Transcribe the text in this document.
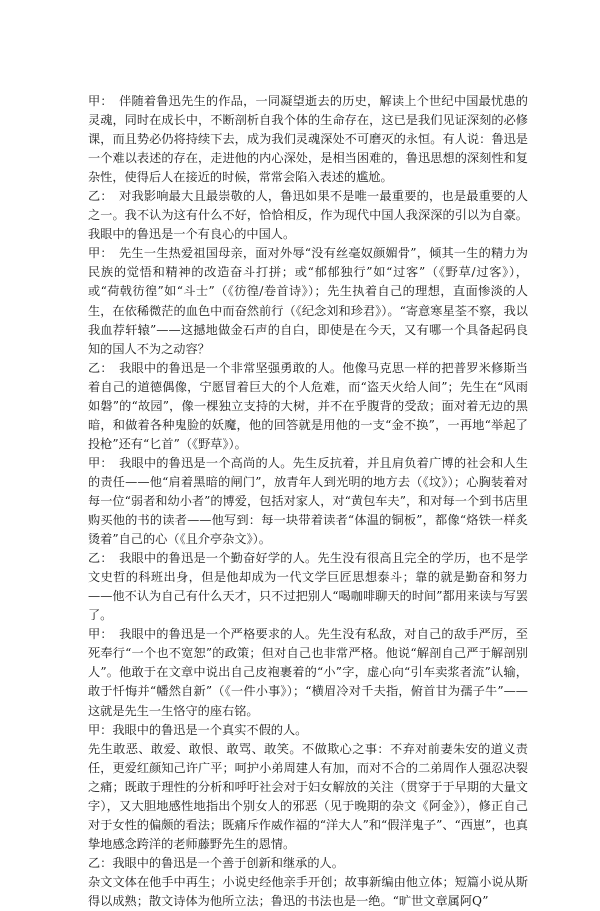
甲：　伴随着鲁迅先生的作品，一同凝望逝去的历史，解读上个世纪中国最忧患的灵魂，同时在成长中，不断剖析自我个体的生命存在，这已是我们见证深刻的必修课，而且势必仍将持续下去，成为我们灵魂深处不可磨灭的永恒。有人说：鲁迅是一个难以表述的存在，走进他的内心深处，是相当困难的，鲁迅思想的深刻性和复杂性，使得后人在接近的时候，常常会陷入表述的尴尬。

乙：　对我影响最大且最崇敬的人，鲁迅如果不是唯一最重要的，也是最重要的人之一。我不认为这有什么不好，恰恰相反，作为现代中国人我深深的引以为自豪。我眼中的鲁迅是一个有良心的中国人。

甲：　先生一生热爱祖国母亲，面对外辱“没有丝毫奴颜媚骨”，倾其一生的精力为民族的觉悟和精神的改造奋斗打拼；或“郁郁独行”如“过客”（《野草/过客》），或“荷戟彷徨”如“斗士”（《彷徨/卷首诗》）；先生执着自己的理想，直面惨淡的人生，在依稀微茫的血色中而奋然前行（《纪念刘和珍君》）。“寄意寒星荃不察，我以我血荐轩辕”——这撼地做金石声的自白，即使是在今天，又有哪一个具备起码良知的国人不为之动容？

乙：　我眼中的鲁迅是一个非常坚强勇敢的人。他像马克思一样的把普罗米修斯当着自己的道德偶像，宁愿冒着巨大的个人危难，而“盗天火给人间”；先生在“风雨如磐”的“故园”，像一棵独立支持的大树，并不在乎腹背的受敌；面对着无边的黑暗，和做着各种鬼脸的妖魔，他的回答就是用他的一支“金不换”，一再地“举起了投枪”还有“匕首”（《野草》）。

甲：　我眼中的鲁迅是一个高尚的人。先生反抗着，并且肩负着广博的社会和人生的责任——他“肩着黑暗的闸门”，放青年人到光明的地方去（《坟》）；心胸装着对每一位“弱者和幼小者”的博爱，包括对家人，对“黄包车夫”，和对每一个到书店里购买他的书的读者——他写到：每一块带着读者“体温的铜板”，都像“烙铁一样炙烫着”自己的心（《且介亭杂文》）。

乙：　我眼中的鲁迅是一个勤奋好学的人。先生没有很高且完全的学历，也不是学文史哲的科班出身，但是他却成为一代文学巨匠思想泰斗；靠的就是勤奋和努力——他不认为自己有什么天才，只不过把别人“喝咖啡聊天的时间”都用来读与写罢了。

甲：　我眼中的鲁迅是一个严格要求的人。先生没有私敌，对自己的敌手严厉，至死奉行“一个也不宽恕”的政策；但对自己也非常严格。他说“解剖自己严于解剖别人”。他敢于在文章中说出自己皮袍裹着的“小”字，虚心向“引车卖浆者流”认输，敢于忏悔并“幡然自新”（《一件小事》）；“横眉冷对千夫指，俯首甘为孺子牛”——这就是先生一生恪守的座右铭。

甲：我眼中的鲁迅是一个真实不假的人。

先生敢恶、敢爱、敢恨、敢骂、敢笑。不做欺心之事：不弃对前妻朱安的道义责任，更爱红颜知己许广平；呵护小弟周建人有加，而对不合的二弟周作人强忍决裂之痛；既敢于理性的分析和呼吁社会对于妇女解放的关注（贯穿于于早期的大量文字），又大胆地感性地指出个别女人的邪恶（见于晚期的杂文《阿金》），修正自己对于女性的偏颇的看法；既痛斥作威作福的“洋大人”和“假洋鬼子”、“西崽”，也真挚地感念跨洋的老师藤野先生的恩情。

乙：我眼中的鲁迅是一个善于创新和继承的人。

杂文文体在他手中再生；小说史经他亲手开创；故事新编由他立体；短篇小说从斯得以成熟；散文诗体为他所立法；鲁迅的书法也是一绝。“旷世文章属阿Q”
